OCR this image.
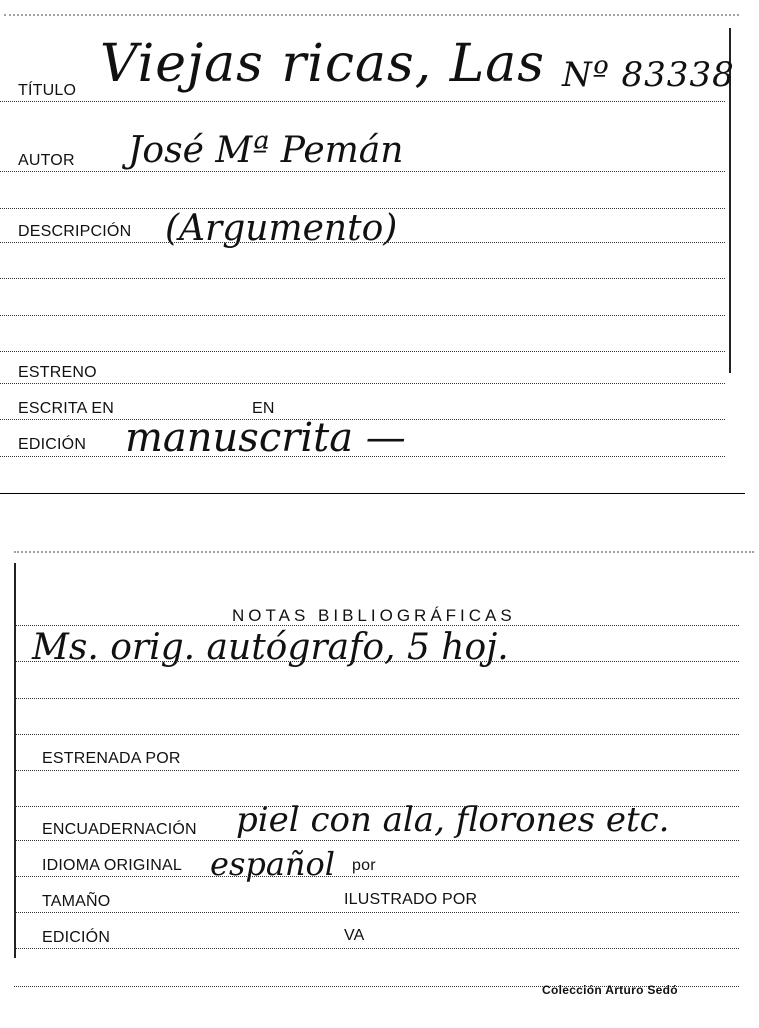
TÍTULO Viejas ricas, Las Nº 83338
AUTOR José Mª Pemán
DESCRIPCIÓN (Argumento)
ESTRENO
ESCRITA EN	EN
EDICIÓN manuscrita —
NOTAS BIBLIOGRÁFICAS
Ms. orig. autógrafo, 5 hoj.
ESTRENADA POR
ENCUADERNACIÓN piel con ala, florones etc.
IDIOMA ORIGINAL español por
TAMAÑO	ILUSTRADO POR
EDICIÓN	VA
Colección Arturo Sedó
